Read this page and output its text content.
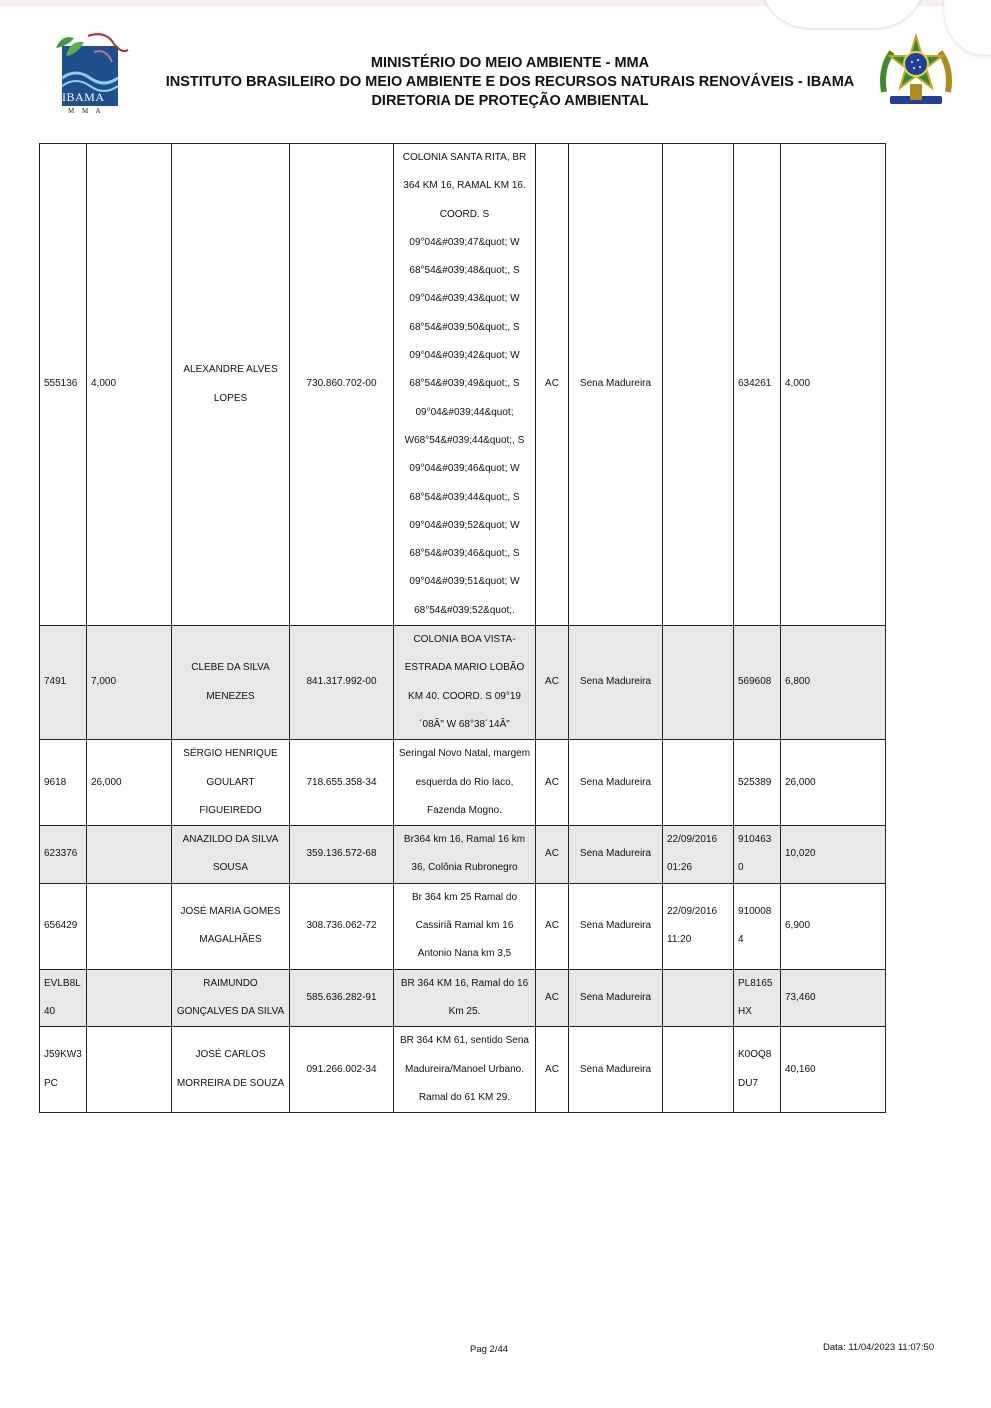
IBAMA
M M A
MINISTÉRIO DO MEIO AMBIENTE - MMA
INSTITUTO BRASILEIRO DO MEIO AMBIENTE E DOS RECURSOS NATURAIS RENOVÁVEIS - IBAMA
DIRETORIA DE PROTEÇÃO AMBIENTAL
555136	4,000	ALEXANDRE ALVES LOPES	730.860.702-00	COLONIA SANTA RITA, BR 364 KM 16, RAMAL KM 16. COORD. S 09°04&#039;47&quot; W 68°54&#039;48&quot;, S 09°04&#039;43&quot; W 68°54&#039;50&quot;, S 09°04&#039;42&quot; W 68°54&#039;49&quot;, S 09°04&#039;44&quot; W68°54&#039;44&quot;, S 09°04&#039;46&quot; W 68°54&#039;44&quot;, S 09°04&#039;52&quot; W 68°54&#039;46&quot;, S 09°04&#039;51&quot; W 68°54&#039;52&quot;.	AC	Sena Madureira		634261	4,000
7491	7,000	CLEBE DA SILVA MENEZES	841.317.992-00	COLONIA BOA VISTA-ESTRADA MARIO LOBÃO KM 40. COORD. S 09°19´08Â" W 68°38´14Â"	AC	Sena Madureira		569608	6,800
9618	26,000	SÉRGIO HENRIQUE GOULART FIGUEIREDO	718.655.358-34	Seringal Novo Natal, margem esquerda do Rio Iaco, Fazenda Mogno.	AC	Sena Madureira		525389	26,000
623376		ANAZILDO DA SILVA SOUSA	359.136.572-68	Br364 km 16, Ramal 16 km 36, Colônia Rubronegro	AC	Sena Madureira	22/09/2016 01:26	9104630	10,020
656429		JOSÉ MARIA GOMES MAGALHÃES	308.736.062-72	Br 364 km 25 Ramal do Cassiriã Ramal km 16 Antonio Nana km 3,5	AC	Sena Madureira	22/09/2016 11:20	9100084	6,900
EVLB8L40		RAIMUNDO GONÇALVES DA SILVA	585.636.282-91	BR 364 KM 16, Ramal do 16 Km 25.	AC	Sena Madureira		PL8165HX	73,460
J59KW3PC		JOSÉ CARLOS MORREIRA DE SOUZA	091.266.002-34	BR 364 KM 61, sentido Sena Madureira/Manoel Urbano. Ramal do 61 KM 29.	AC	Sena Madureira		K0OQ8DU7	40,160
Pag 2/44	Data: 11/04/2023 11:07:50
